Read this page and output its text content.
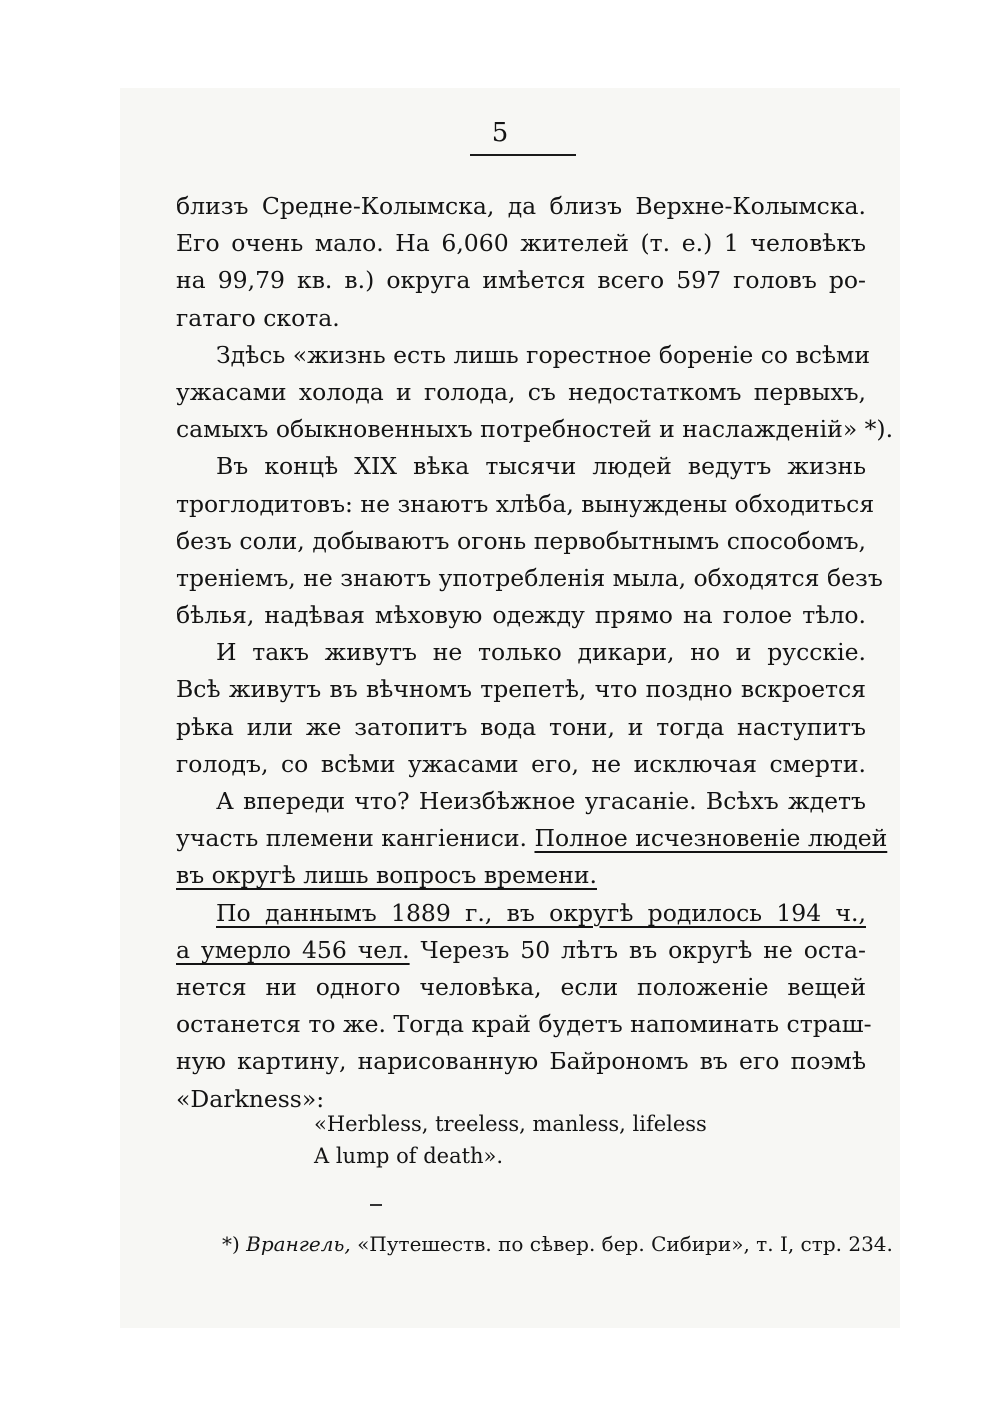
5
близъ Средне-Колымска, да близъ Верхне-Колымска.
Его очень мало. На 6,060 жителей (т. е.) 1 человѣкъ
на 99,79 кв. в.) округа имѣется всего 597 головъ ро-
гатаго скота.
Здѣсь «жизнь есть лишь горестное бореніе со всѣми
ужасами холода и голода, съ недостаткомъ первыхъ,
самыхъ обыкновенныхъ потребностей и наслажденій» *).
Въ концѣ XIX вѣка тысячи людей ведутъ жизнь
троглодитовъ: не знаютъ хлѣба, вынуждены обходиться
безъ соли, добываютъ огонь первобытнымъ способомъ,
треніемъ, не знаютъ употребленія мыла, обходятся безъ
бѣлья, надѣвая мѣховую одежду прямо на голое тѣло.
И такъ живутъ не только дикари, но и русскіе.
Всѣ живутъ въ вѣчномъ трепетѣ, что поздно вскроется
рѣка или же затопитъ вода тони, и тогда наступитъ
голодъ, со всѣми ужасами его, не исключая смерти.
А впереди что? Неизбѣжное угасаніе. Всѣхъ ждетъ
участь племени кангіениси. Полное исчезновеніе людей
въ округѣ лишь вопросъ времени.
По даннымъ 1889 г., въ округѣ родилось 194 ч.,
а умерло 456 чел. Черезъ 50 лѣтъ въ округѣ не оста-
нется ни одного человѣка, если положеніе вещей
останется то же. Тогда край будетъ напоминать страш-
ную картину, нарисованную Байрономъ въ его поэмѣ
«Darkness»:
«Herbless, treeless, manless, lifeless
A lump of death».
*) Врангель, «Путешеств. по сѣвер. бер. Сибири», т. I, стр. 234.
